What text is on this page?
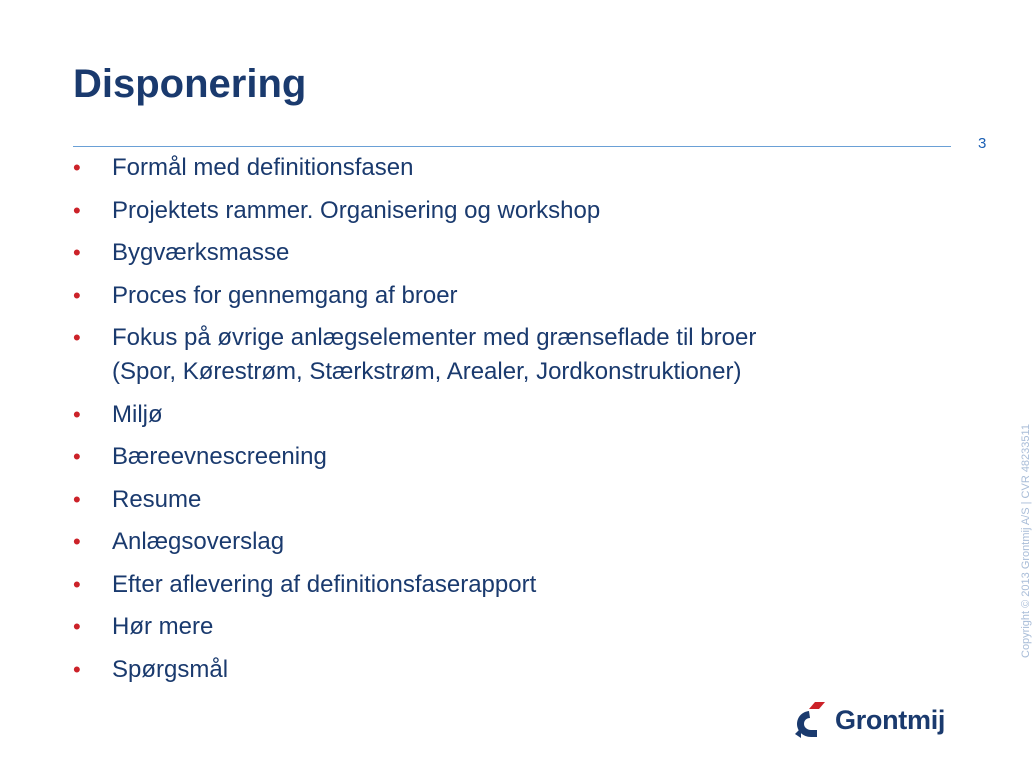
Disponering
3
• Formål med definitionsfasen
• Projektets rammer. Organisering og workshop
• Bygværksmasse
• Proces for gennemgang af broer
• Fokus på øvrige anlægselementer med grænseflade til broer
(Spor, Kørestrøm, Stærkstrøm, Arealer, Jordkonstruktioner)
• Miljø
• Bæreevnescreening
• Resume
• Anlægsoverslag
• Efter aflevering af definitionsfaserapport
• Hør mere
• Spørgsmål
Copyright © 2013 Grontmij A/S | CVR 48233511
Grontmij
